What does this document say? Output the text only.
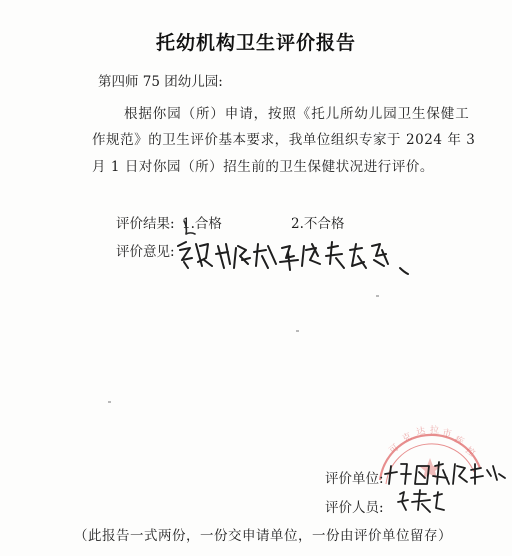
托幼机构卫生评价报告
第四师 75 团幼儿园:
根据你园（所）申请，按照《托儿所幼儿园卫生保健工
作规范》的卫生评价基本要求，我单位组织专家于 2024 年 3
月 1 日对你园（所）招生前的卫生保健状况进行评价。
评价结果: 1.合格	2.不合格
评价意见:
可
克 达 拉 市
疾
控
评价单位:
评价人员:
（此报告一式两份，一份交申请单位，一份由评价单位留存）
